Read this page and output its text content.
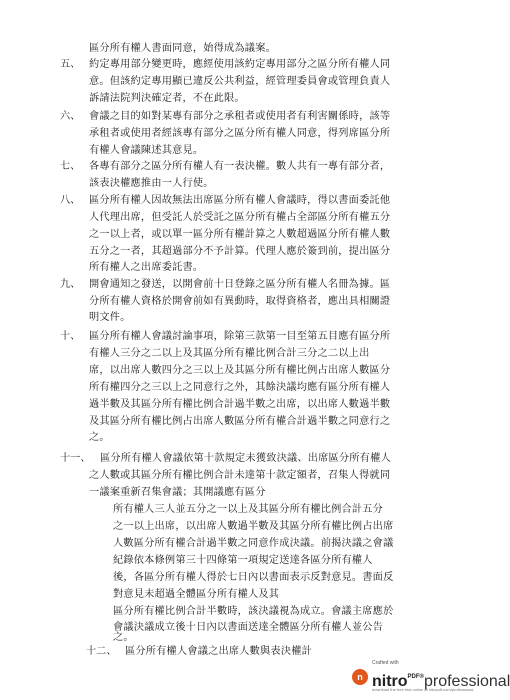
五、
六、
七、
八、
九、
十、
十一、
十二、
區分所有權人書面同意，始得成為議案。
約定專用部分變更時，應經使用該約定專用部分之區分所有權人同
意。但該約定專用顯已違反公共利益，經管理委員會或管理負責人
訴請法院判決確定者，不在此限。
會議之目的如對某專有部分之承租者或使用者有利害關係時，該等
承租者或使用者經該專有部分之區分所有權人同意，得列席區分所
有權人會議陳述其意見。
各專有部分之區分所有權人有一表決權。數人共有一專有部分者，
該表決權應推由一人行使。
區分所有權人因故無法出席區分所有權人會議時，得以書面委託他
人代理出席，但受託人於受託之區分所有權占全部區分所有權五分
之一以上者，或以單一區分所有權計算之人數超過區分所有權人數
五分之一者，其超過部分不予計算。代理人應於簽到前，提出區分
所有權人之出席委託書。
開會通知之發送，以開會前十日登錄之區分所有權人名冊為據。區
分所有權人資格於開會前如有異動時，取得資格者，應出具相關證
明文件。
區分所有權人會議討論事項，除第三款第一目至第五目應有區分所
有權人三分之二以上及其區分所有權比例合計三分之二以上出
席，以出席人數四分之三以上及其區分所有權比例占出席人數區分
所有權四分之三以上之同意行之外，其餘決議均應有區分所有權人
過半數及其區分所有權比例合計過半數之出席，以出席人數過半數
及其區分所有權比例占出席人數區分所有權合計過半數之同意行之
之。
區分所有權人會議依第十款規定未獲致決議、出席區分所有權人
之人數或其區分所有權比例合計未達第十款定額者，召集人得就同
一議案重新召集會議；其開議應有區分
所有權人三人並五分之一以上及其區分所有權比例合計五分
之一以上出席，以出席人數過半數及其區分所有權比例占出席
人數區分所有權合計過半數之同意作成決議。前揭決議之會議
紀錄依本條例第三十四條第一項規定送達各區分所有權人
後，各區分所有權人得於七日內以書面表示反對意見。書面反
對意見未超過全體區分所有權人及其
區分所有權比例合計半數時，該決議視為成立。會議主席應於
會議決議成立後十日內以書面送達全體區分所有權人並公告
之。
區分所有權人會議之出席人數與表決權計
Crafted with
n nitro$^{PDF®}$professional
download the free trial online at nitropdf.com/professional
